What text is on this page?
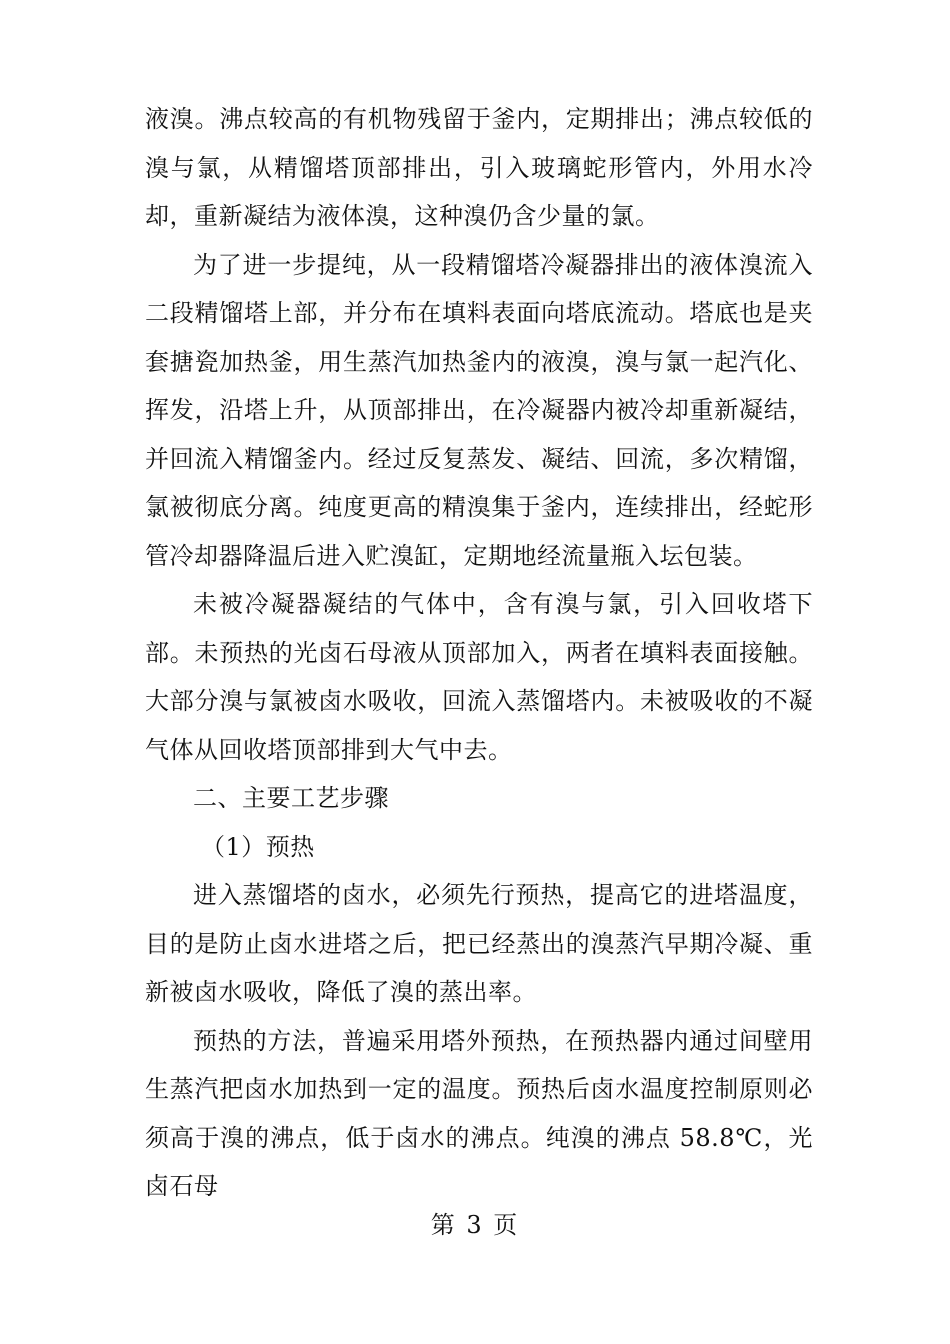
液溴。沸点较高的有机物残留于釜内，定期排出；沸点较低的溴与氯，从精馏塔顶部排出，引入玻璃蛇形管内，外用水冷却，重新凝结为液体溴，这种溴仍含少量的氯。

为了进一步提纯，从一段精馏塔冷凝器排出的液体溴流入二段精馏塔上部，并分布在填料表面向塔底流动。塔底也是夹套搪瓷加热釜，用生蒸汽加热釜内的液溴，溴与氯一起汽化、挥发，沿塔上升，从顶部排出，在冷凝器内被冷却重新凝结，并回流入精馏釜内。经过反复蒸发、凝结、回流，多次精馏，氯被彻底分离。纯度更高的精溴集于釜内，连续排出，经蛇形管冷却器降温后进入贮溴缸，定期地经流量瓶入坛包装。

未被冷凝器凝结的气体中，含有溴与氯，引入回收塔下部。未预热的光卤石母液从顶部加入，两者在填料表面接触。大部分溴与氯被卤水吸收，回流入蒸馏塔内。未被吸收的不凝气体从回收塔顶部排到大气中去。

二、主要工艺步骤

（1）预热

进入蒸馏塔的卤水，必须先行预热，提高它的进塔温度，目的是防止卤水进塔之后，把已经蒸出的溴蒸汽早期冷凝、重新被卤水吸收，降低了溴的蒸出率。

预热的方法，普遍采用塔外预热，在预热器内通过间壁用生蒸汽把卤水加热到一定的温度。预热后卤水温度控制原则必须高于溴的沸点，低于卤水的沸点。纯溴的沸点 58.8℃，光卤石母

第 3 页
